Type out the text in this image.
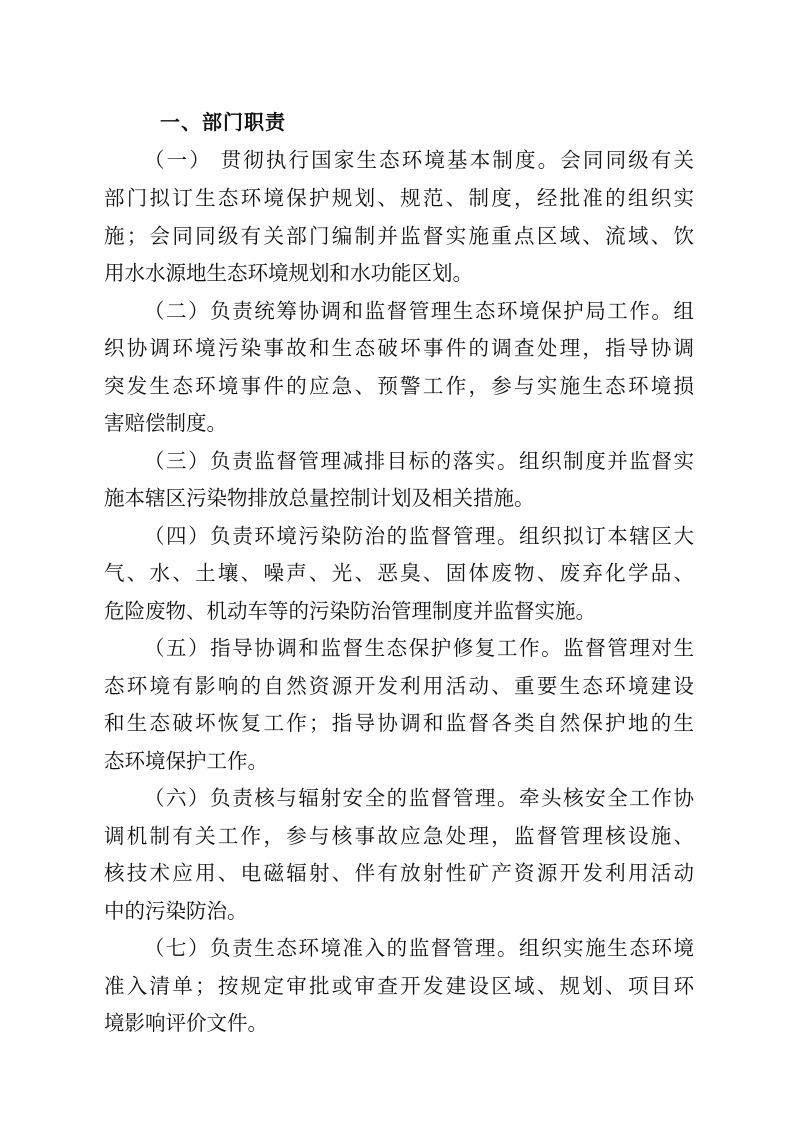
一、部门职责
（一） 贯彻执行国家生态环境基本制度。会同同级有关
部门拟订生态环境保护规划、规范、制度，经批准的组织实
施；会同同级有关部门编制并监督实施重点区域、流域、饮
用水水源地生态环境规划和水功能区划。
（二）负责统筹协调和监督管理生态环境保护局工作。组
织协调环境污染事故和生态破坏事件的调查处理，指导协调
突发生态环境事件的应急、预警工作，参与实施生态环境损
害赔偿制度。
（三）负责监督管理减排目标的落实。组织制度并监督实
施本辖区污染物排放总量控制计划及相关措施。
（四）负责环境污染防治的监督管理。组织拟订本辖区大
气、水、土壤、噪声、光、恶臭、固体废物、废弃化学品、
危险废物、机动车等的污染防治管理制度并监督实施。
（五）指导协调和监督生态保护修复工作。监督管理对生
态环境有影响的自然资源开发利用活动、重要生态环境建设
和生态破坏恢复工作；指导协调和监督各类自然保护地的生
态环境保护工作。
（六）负责核与辐射安全的监督管理。牵头核安全工作协
调机制有关工作，参与核事故应急处理，监督管理核设施、
核技术应用、电磁辐射、伴有放射性矿产资源开发利用活动
中的污染防治。
（七）负责生态环境准入的监督管理。组织实施生态环境
准入清单；按规定审批或审查开发建设区域、规划、项目环
境影响评价文件。
